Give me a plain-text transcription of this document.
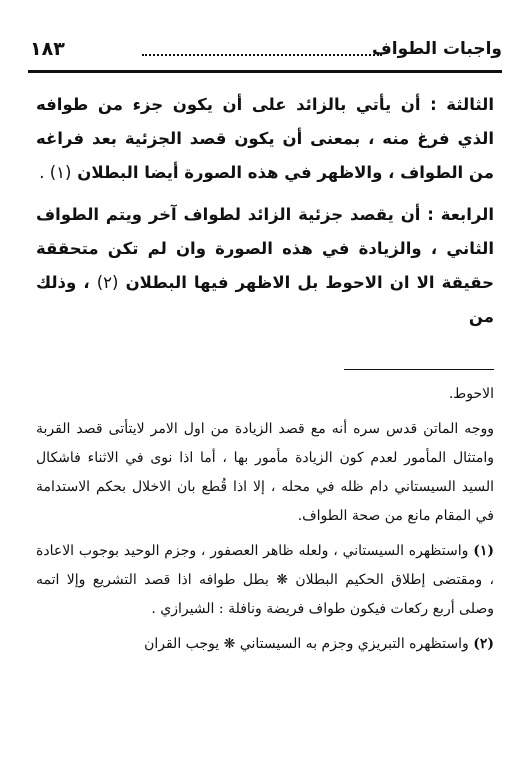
واجبات الطواف
١٨٣

الثالثة : أن يأتي بالزائد على أن يكون جزء من طوافه الذي فرغ منه ، بمعنى أن يكون قصد الجزئية بعد فراغه من الطواف ، والاظهر في هذه الصورة أيضا البطلان (١) .

الرابعة : أن يقصد جزئية الزائد لطواف آخر ويتم الطواف الثاني ، والزيادة في هذه الصورة وان لم تكن متحققة حقيقة الا ان الاحوط بل الاظهر فيها البطلان (٢) ، وذلك من

الاحوط.

ووجه الماتن قدس سره أنه مع قصد الزيادة من اول الامر لايتأتى قصد القربة وامتثال المأمور لعدم كون الزيادة مأمور بها ، أما اذا نوى في الاثناء فاشكال السيد السيستاني دام ظله في محله ، إلا اذا قُطع بان الاخلال بحكم الاستدامة في المقام مانع من صحة الطواف.

(١) واستظهره السيستاني ، ولعله ظاهر العصفور ، وجزم الوحيد بوجوب الاعادة ، ومقتضى إطلاق الحكيم البطلان ❋ بطل طوافه اذا قصد التشريع وإلا اتمه وصلى أربع ركعات فيكون طواف فريضة ونافلة : الشيرازي .

(٢) واستظهره التبريزي وجزم به السيستاني ❋ يوجب القران
